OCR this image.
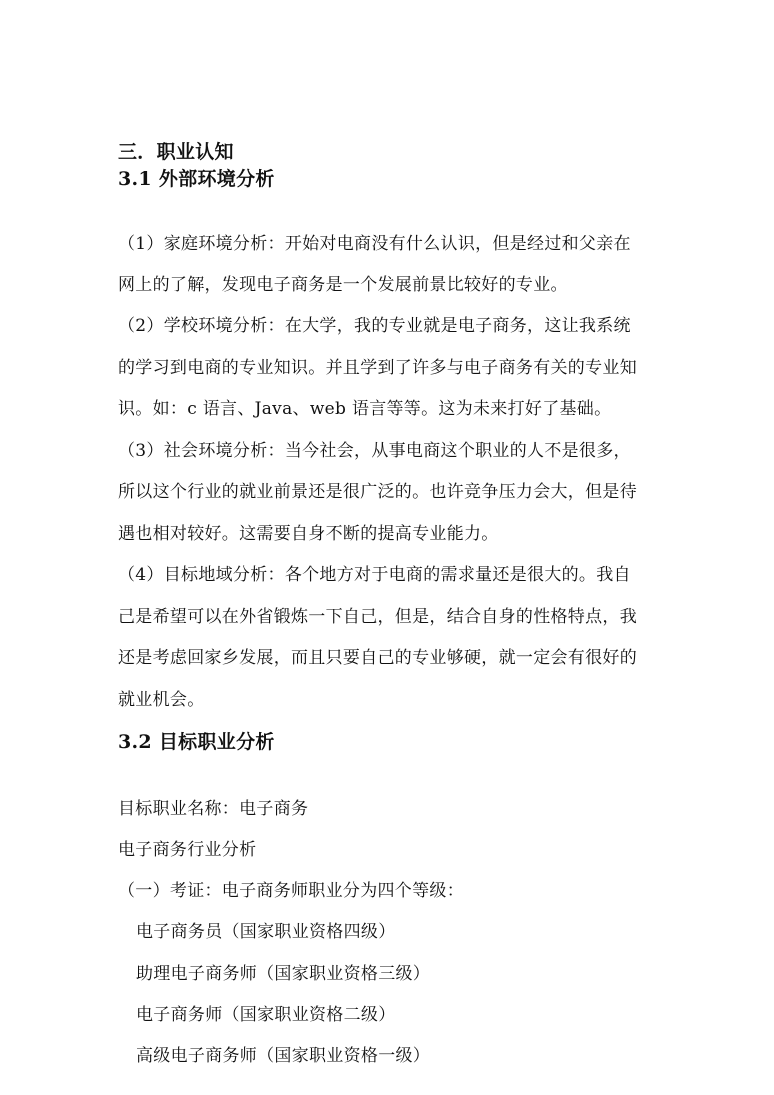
三．职业认知
3.1 外部环境分析
（1）家庭环境分析：开始对电商没有什么认识，但是经过和父亲在
网上的了解，发现电子商务是一个发展前景比较好的专业。
（2）学校环境分析：在大学，我的专业就是电子商务，这让我系统
的学习到电商的专业知识。并且学到了许多与电子商务有关的专业知
识。如：c 语言、Java、web 语言等等。这为未来打好了基础。
（3）社会环境分析：当今社会，从事电商这个职业的人不是很多，
所以这个行业的就业前景还是很广泛的。也许竞争压力会大，但是待
遇也相对较好。这需要自身不断的提高专业能力。
（4）目标地域分析：各个地方对于电商的需求量还是很大的。我自
己是希望可以在外省锻炼一下自己，但是，结合自身的性格特点，我
还是考虑回家乡发展，而且只要自己的专业够硬，就一定会有很好的
就业机会。
3.2 目标职业分析
目标职业名称：电子商务
电子商务行业分析
（一）考证：电子商务师职业分为四个等级：
电子商务员（国家职业资格四级）
助理电子商务师（国家职业资格三级）
电子商务师（国家职业资格二级）
高级电子商务师（国家职业资格一级）
